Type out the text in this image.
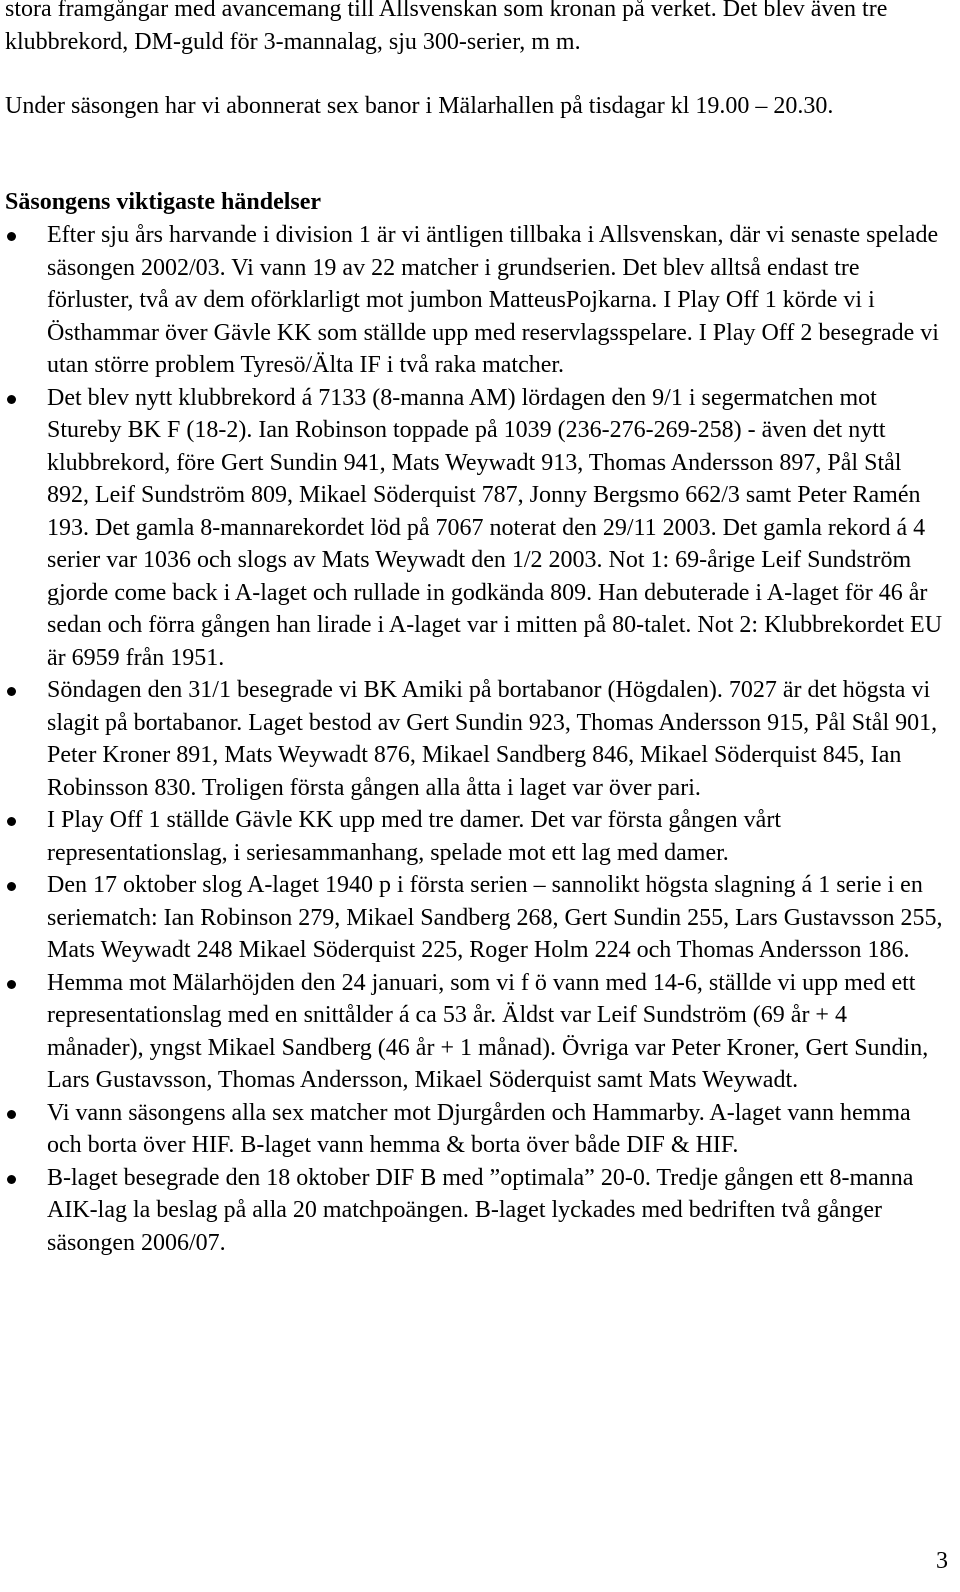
stora framgångar med avancemang till Allsvenskan som kronan på verket. Det blev även tre klubbrekord, DM-guld för 3-mannalag, sju 300-serier, m m.

Under säsongen har vi abonnerat sex banor i Mälarhallen på tisdagar kl 19.00 – 20.30.

Säsongens viktigaste händelser

Efter sju års harvande i division 1 är vi äntligen tillbaka i Allsvenskan, där vi senaste spelade säsongen 2002/03. Vi vann 19 av 22 matcher i grundserien. Det blev alltså endast tre förluster, två av dem oförklarligt mot jumbon MatteusPojkarna. I Play Off 1 körde vi i Östhammar över Gävle KK som ställde upp med reservlagsspelare. I Play Off 2 besegrade vi utan större problem Tyresö/Älta IF i två raka matcher.
Det blev nytt klubbrekord á 7133 (8-manna AM) lördagen den 9/1 i segermatchen mot Stureby BK F (18-2). Ian Robinson toppade på 1039 (236-276-269-258) - även det nytt klubbrekord, före Gert Sundin 941, Mats Weywadt 913, Thomas Andersson 897, Pål Stål 892, Leif Sundström 809, Mikael Söderquist 787, Jonny Bergsmo 662/3 samt Peter Ramén 193. Det gamla 8-mannarekordet löd på 7067 noterat den 29/11 2003. Det gamla rekord á 4 serier var 1036 och slogs av Mats Weywadt den 1/2 2003. Not 1: 69-årige Leif Sundström gjorde come back i A-laget och rullade in godkända 809. Han debuterade i A-laget för 46 år sedan och förra gången han lirade i A-laget var i mitten på 80-talet. Not 2: Klubbrekordet EU är 6959 från 1951.
Söndagen den 31/1 besegrade vi BK Amiki på bortabanor (Högdalen). 7027 är det högsta vi slagit på bortabanor. Laget bestod av Gert Sundin 923, Thomas Andersson 915, Pål Stål 901, Peter Kroner 891, Mats Weywadt 876, Mikael Sandberg 846, Mikael Söderquist 845, Ian Robinsson 830. Troligen första gången alla åtta i laget var över pari.
I Play Off 1 ställde Gävle KK upp med tre damer. Det var första gången vårt representationslag, i seriesammanhang, spelade mot ett lag med damer.
Den 17 oktober slog A-laget 1940 p i första serien – sannolikt högsta slagning á 1 serie i en seriematch: Ian Robinson 279, Mikael Sandberg 268, Gert Sundin 255, Lars Gustavsson 255, Mats Weywadt 248 Mikael Söderquist 225, Roger Holm 224 och Thomas Andersson 186.
Hemma mot Mälarhöjden den 24 januari, som vi f ö vann med 14-6, ställde vi upp med ett representationslag med en snittålder á ca 53 år. Äldst var Leif Sundström (69 år + 4 månader), yngst Mikael Sandberg (46 år + 1 månad). Övriga var Peter Kroner, Gert Sundin, Lars Gustavsson, Thomas Andersson, Mikael Söderquist samt Mats Weywadt.
Vi vann säsongens alla sex matcher mot Djurgården och Hammarby. A-laget vann hemma och borta över HIF. B-laget vann hemma & borta över både DIF & HIF.
B-laget besegrade den 18 oktober DIF B med ”optimala” 20-0. Tredje gången ett 8-manna AIK-lag la beslag på alla 20 matchpoängen. B-laget lyckades med bedriften två gånger säsongen 2006/07.

3
